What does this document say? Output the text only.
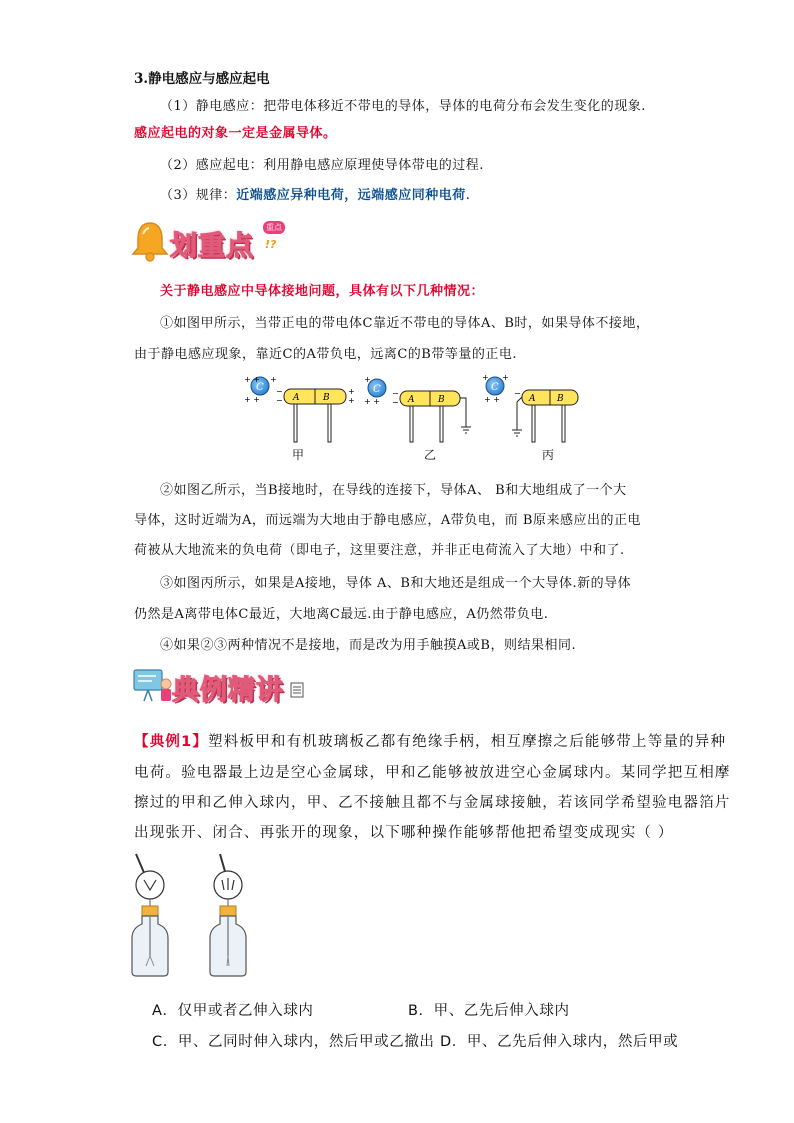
3.静电感应与感应起电
（1）静电感应：把带电体移近不带电的导体，导体的电荷分布会发生变化的现象.
感应起电的对象一定是金属导体。
（2）感应起电：利用静电感应原理使导体带电的过程.
（3）规律：近端感应异种电荷，远端感应同种电荷.
划重点
重点
!?
关于静电感应中导体接地问题，具体有以下几种情况：
①如图甲所示，当带正电的带电体C靠近不带电的导体A、B时，如果导体不接地，
由于静电感应现象，靠近C的A带负电，远离C的B带等量的正电.
C
+ +
+ +
+
A	B
−
−
+
+
C
+
+ +	A	B
−
−
C
+ +
+ +	A B
−
甲	乙	丙
②如图乙所示，当B接地时，在导线的连接下，导体A、 B和大地组成了一个大
导体，这时近端为A，而远端为大地由于静电感应，A带负电，而 B原来感应出的正电
荷被从大地流来的负电荷（即电子，这里要注意，并非正电荷流入了大地）中和了.
③如图丙所示，如果是A接地，导体 A、B和大地还是组成一个大导体.新的导体
仍然是A离带电体C最近，大地离C最远.由于静电感应，A仍然带负电.
④如果②③两种情况不是接地，而是改为用手触摸A或B，则结果相同.
典例精讲
【典例1】塑料板甲和有机玻璃板乙都有绝缘手柄，相互摩擦之后能够带上等量的异种
电荷。验电器最上边是空心金属球，甲和乙能够被放进空心金属球内。某同学把互相摩
擦过的甲和乙伸入球内，甲、乙不接触且都不与金属球接触，若该同学希望验电器箔片
出现张开、闭合、再张开的现象，以下哪种操作能够帮他把希望变成现实（ ）
A．仅甲或者乙伸入球内	B．甲、乙先后伸入球内
C．甲、乙同时伸入球内，然后甲或乙撤出 D．甲、乙先后伸入球内，然后甲或
